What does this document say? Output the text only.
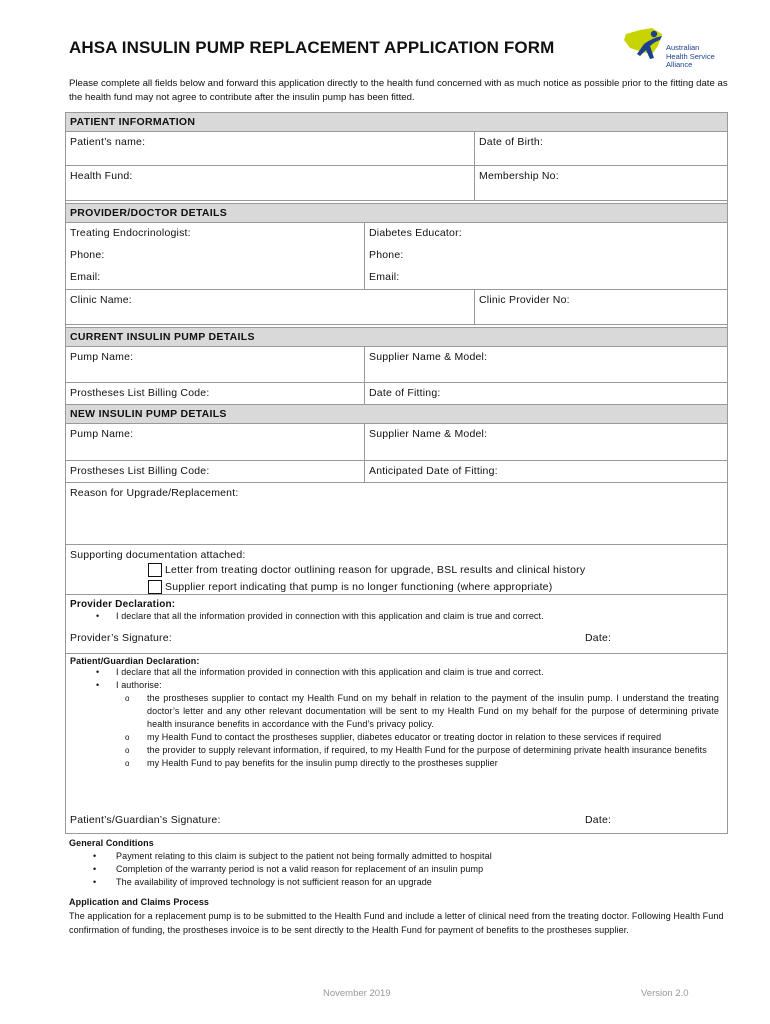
AHSA INSULIN PUMP REPLACEMENT APPLICATION FORM	Australian
Health Service
Alliance
Please complete all fields below and forward this application directly to the health fund concerned with as much notice as possible prior to the fitting date as the health fund may not agree to contribute after the insulin pump has been fitted.
PATIENT INFORMATION
Patient’s name:	Date of Birth:
Health Fund:	Membership No:
PROVIDER/DOCTOR DETAILS
Treating Endocrinologist:	Diabetes Educator:
Phone:	Phone:
Email:	Email:
Clinic Name:	Clinic Provider No:
CURRENT INSULIN PUMP DETAILS
Pump Name:	Supplier Name & Model:
Prostheses List Billing Code:	Date of Fitting:
NEW INSULIN PUMP DETAILS
Pump Name:	Supplier Name & Model:
Prostheses List Billing Code:	Anticipated Date of Fitting:
Reason for Upgrade/Replacement:
Supporting documentation attached:
Letter from treating doctor outlining reason for upgrade, BSL results and clinical history
Supplier report indicating that pump is no longer functioning (where appropriate)
Provider Declaration:
• I declare that all the information provided in connection with this application and claim is true and correct.
Provider’s Signature:	Date:
Patient/Guardian Declaration:
• I declare that all the information provided in connection with this application and claim is true and correct.
• I authorise:
o the prostheses supplier to contact my Health Fund on my behalf in relation to the payment of the insulin pump. I understand the treating doctor’s letter and any other relevant documentation will be sent to my Health Fund on my behalf for the purpose of determining private health insurance benefits in accordance with the Fund’s privacy policy.
o my Health Fund to contact the prostheses supplier, diabetes educator or treating doctor in relation to these services if required
o the provider to supply relevant information, if required, to my Health Fund for the purpose of determining private health insurance benefits
o my Health Fund to pay benefits for the insulin pump directly to the prostheses supplier
Patient’s/Guardian’s Signature:	Date:
General Conditions
• Payment relating to this claim is subject to the patient not being formally admitted to hospital
• Completion of the warranty period is not a valid reason for replacement of an insulin pump
• The availability of improved technology is not sufficient reason for an upgrade
Application and Claims Process
The application for a replacement pump is to be submitted to the Health Fund and include a letter of clinical need from the treating doctor. Following Health Fund confirmation of funding, the prostheses invoice is to be sent directly to the Health Fund for payment of benefits to the prostheses supplier.
November 2019	Version 2.0
